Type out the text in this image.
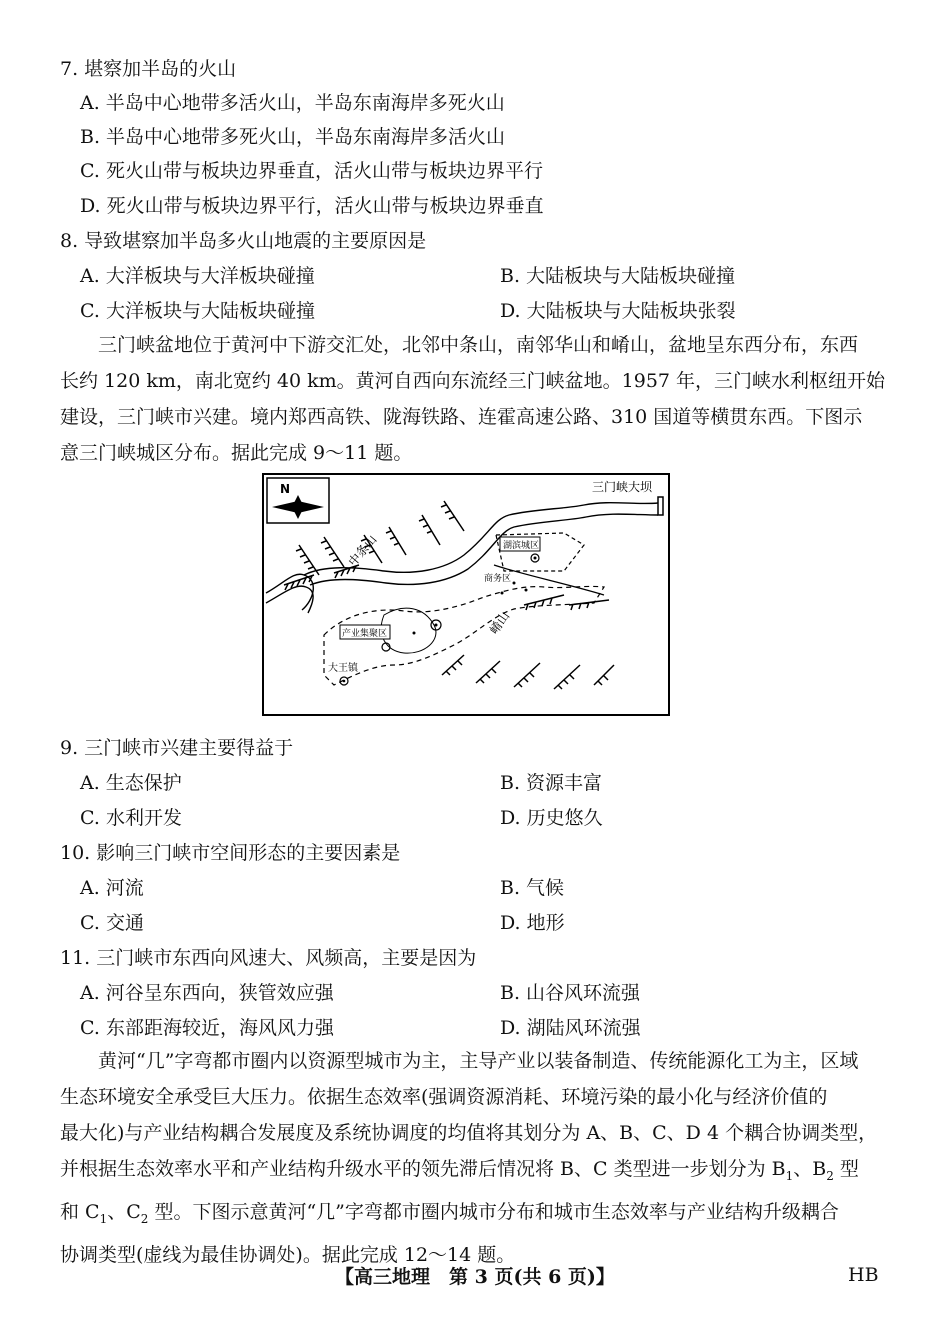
7. 堪察加半岛的火山
A. 半岛中心地带多活火山，半岛东南海岸多死火山
B. 半岛中心地带多死火山，半岛东南海岸多活火山
C. 死火山带与板块边界垂直，活火山带与板块边界平行
D. 死火山带与板块边界平行，活火山带与板块边界垂直
8. 导致堪察加半岛多火山地震的主要原因是
A. 大洋板块与大洋板块碰撞	B. 大陆板块与大陆板块碰撞
C. 大洋板块与大陆板块碰撞	D. 大陆板块与大陆板块张裂
三门峡盆地位于黄河中下游交汇处，北邻中条山，南邻华山和崤山，盆地呈东西分布，东西
长约 120 km，南北宽约 40 km。黄河自西向东流经三门峡盆地。1957 年，三门峡水利枢纽开始
建设，三门峡市兴建。境内郑西高铁、陇海铁路、连霍高速公路、310 国道等横贯东西。下图示
意三门峡城区分布。据此完成 9～11 题。
N	三门峡大坝
中条山
崤山
湖滨城区
商务区
产业集聚区
大王镇
9. 三门峡市兴建主要得益于
A. 生态保护	B. 资源丰富
C. 水利开发	D. 历史悠久
10. 影响三门峡市空间形态的主要因素是
A. 河流	B. 气候
C. 交通	D. 地形
11. 三门峡市东西向风速大、风频高，主要是因为
A. 河谷呈东西向，狭管效应强	B. 山谷风环流强
C. 东部距海较近，海风风力强	D. 湖陆风环流强
黄河“几”字弯都市圈内以资源型城市为主，主导产业以装备制造、传统能源化工为主，区域
生态环境安全承受巨大压力。依据生态效率(强调资源消耗、环境污染的最小化与经济价值的
最大化)与产业结构耦合发展度及系统协调度的均值将其划分为 A、B、C、D 4 个耦合协调类型，
并根据生态效率水平和产业结构升级水平的领先滞后情况将 B、C 类型进一步划分为 $B_1$、$B_2$ 型
和 $C_1$、$C_2$ 型。下图示意黄河“几”字弯都市圈内城市分布和城市生态效率与产业结构升级耦合
协调类型(虚线为最佳协调处)。据此完成 12～14 题。
【高三地理　第 3 页(共 6 页)】	HB
